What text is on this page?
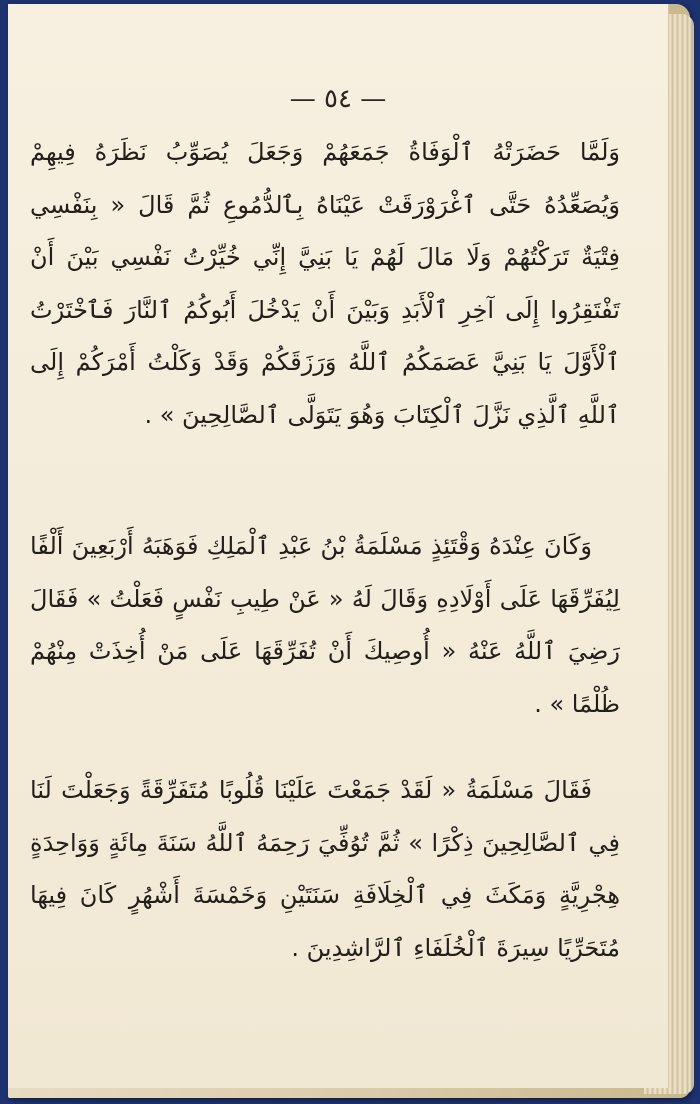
— ٥٤ —

وَلَمَّا حَضَرَتْهُ ٱلْوَفَاةُ جَمَعَهُمْ وَجَعَلَ يُصَوِّبُ نَظَرَهُ فِيهِمْ وَيُصَعِّدُهُ حَتَّى ٱغْرَوْرَقَتْ عَيْنَاهُ بِٱلدُّمُوعِ ثُمَّ قَالَ « بِنَفْسِي فِتْيَةٌ تَرَكْتُهُمْ وَلَا مَالَ لَهُمْ يَا بَنِيَّ إِنِّي خُيِّرْتُ نَفْسِي بَيْنَ أَنْ تَفْتَقِرُوا إِلَى آخِرِ ٱلْأَبَدِ وَبَيْنَ أَنْ يَدْخُلَ أَبُوكُمُ ٱلنَّارَ فَٱخْتَرْتُ ٱلْأَوَّلَ يَا بَنِيَّ عَصَمَكُمُ ٱللَّهُ وَرَزَقَكُمْ وَقَدْ وَكَلْتُ أَمْرَكُمْ إِلَى ٱللَّهِ ٱلَّذِي نَزَّلَ ٱلْكِتَابَ وَهُوَ يَتَوَلَّى ٱلصَّالِحِينَ » .

وَكَانَ عِنْدَهُ وَقْتَئِذٍ مَسْلَمَةُ بْنُ عَبْدِ ٱلْمَلِكِ فَوَهَبَهُ أَرْبَعِينَ أَلْفًا لِيُفَرِّقَهَا عَلَى أَوْلَادِهِ وَقَالَ لَهُ « عَنْ طِيبِ نَفْسٍ فَعَلْتُ » فَقَالَ رَضِيَ ٱللَّهُ عَنْهُ « أُوصِيكَ أَنْ تُفَرِّقَهَا عَلَى مَنْ أُخِذَتْ مِنْهُمْ ظُلْمًا » .

فَقَالَ مَسْلَمَةُ « لَقَدْ جَمَعْتَ عَلَيْنَا قُلُوبًا مُتَفَرِّقَةً وَجَعَلْتَ لَنَا فِي ٱلصَّالِحِينَ ذِكْرًا » ثُمَّ تُوُفِّيَ رَحِمَهُ ٱللَّهُ سَنَةَ مِائَةٍ وَوَاحِدَةٍ هِجْرِيَّةٍ وَمَكَثَ فِي ٱلْخِلَافَةِ سَنَتَيْنِ وَخَمْسَةَ أَشْهُرٍ كَانَ فِيهَا مُتَحَرِّيًا سِيرَةَ ٱلْخُلَفَاءِ ٱلرَّاشِدِينَ .
